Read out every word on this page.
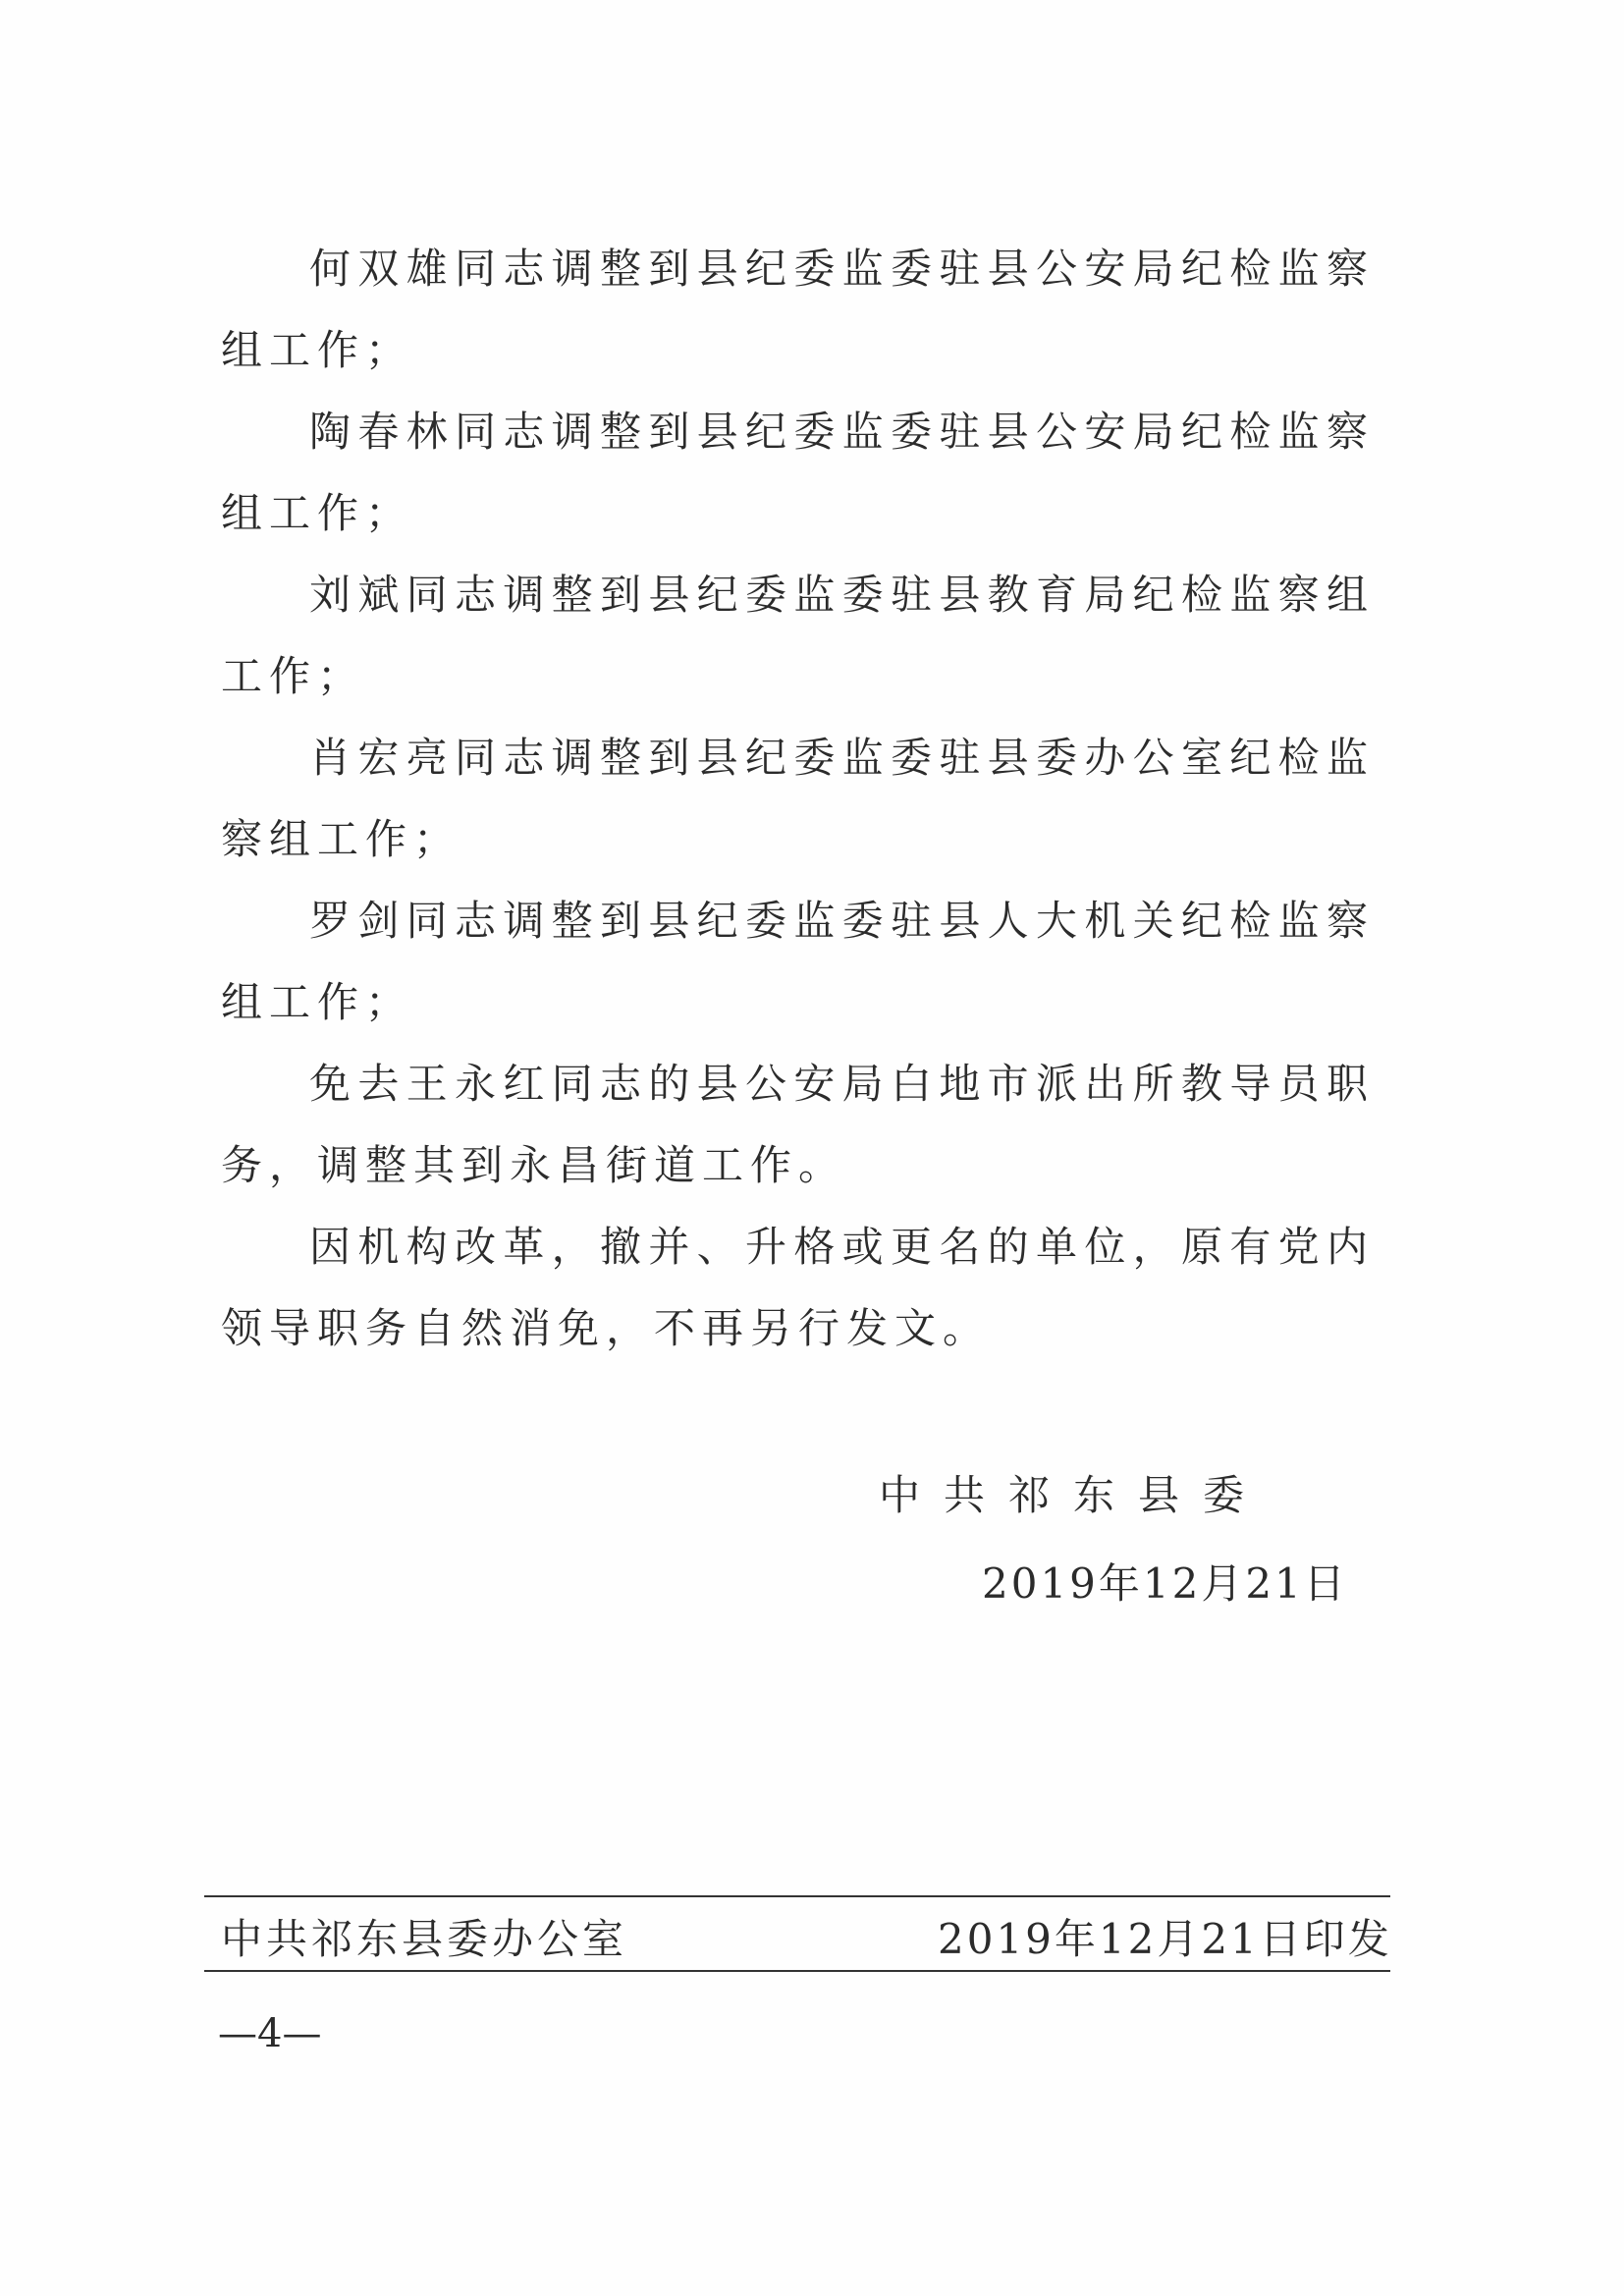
何双雄同志调整到县纪委监委驻县公安局纪检监察组工作；

陶春林同志调整到县纪委监委驻县公安局纪检监察组工作；

刘斌同志调整到县纪委监委驻县教育局纪检监察组工作；

肖宏亮同志调整到县纪委监委驻县委办公室纪检监察组工作；

罗剑同志调整到县纪委监委驻县人大机关纪检监察组工作；

免去王永红同志的县公安局白地市派出所教导员职务，调整其到永昌街道工作。

因机构改革，撤并、升格或更名的单位，原有党内领导职务自然消免，不再另行发文。

中共祁东县委
2019年12月21日
中共祁东县委办公室	2019年12月21日印发
—4—
